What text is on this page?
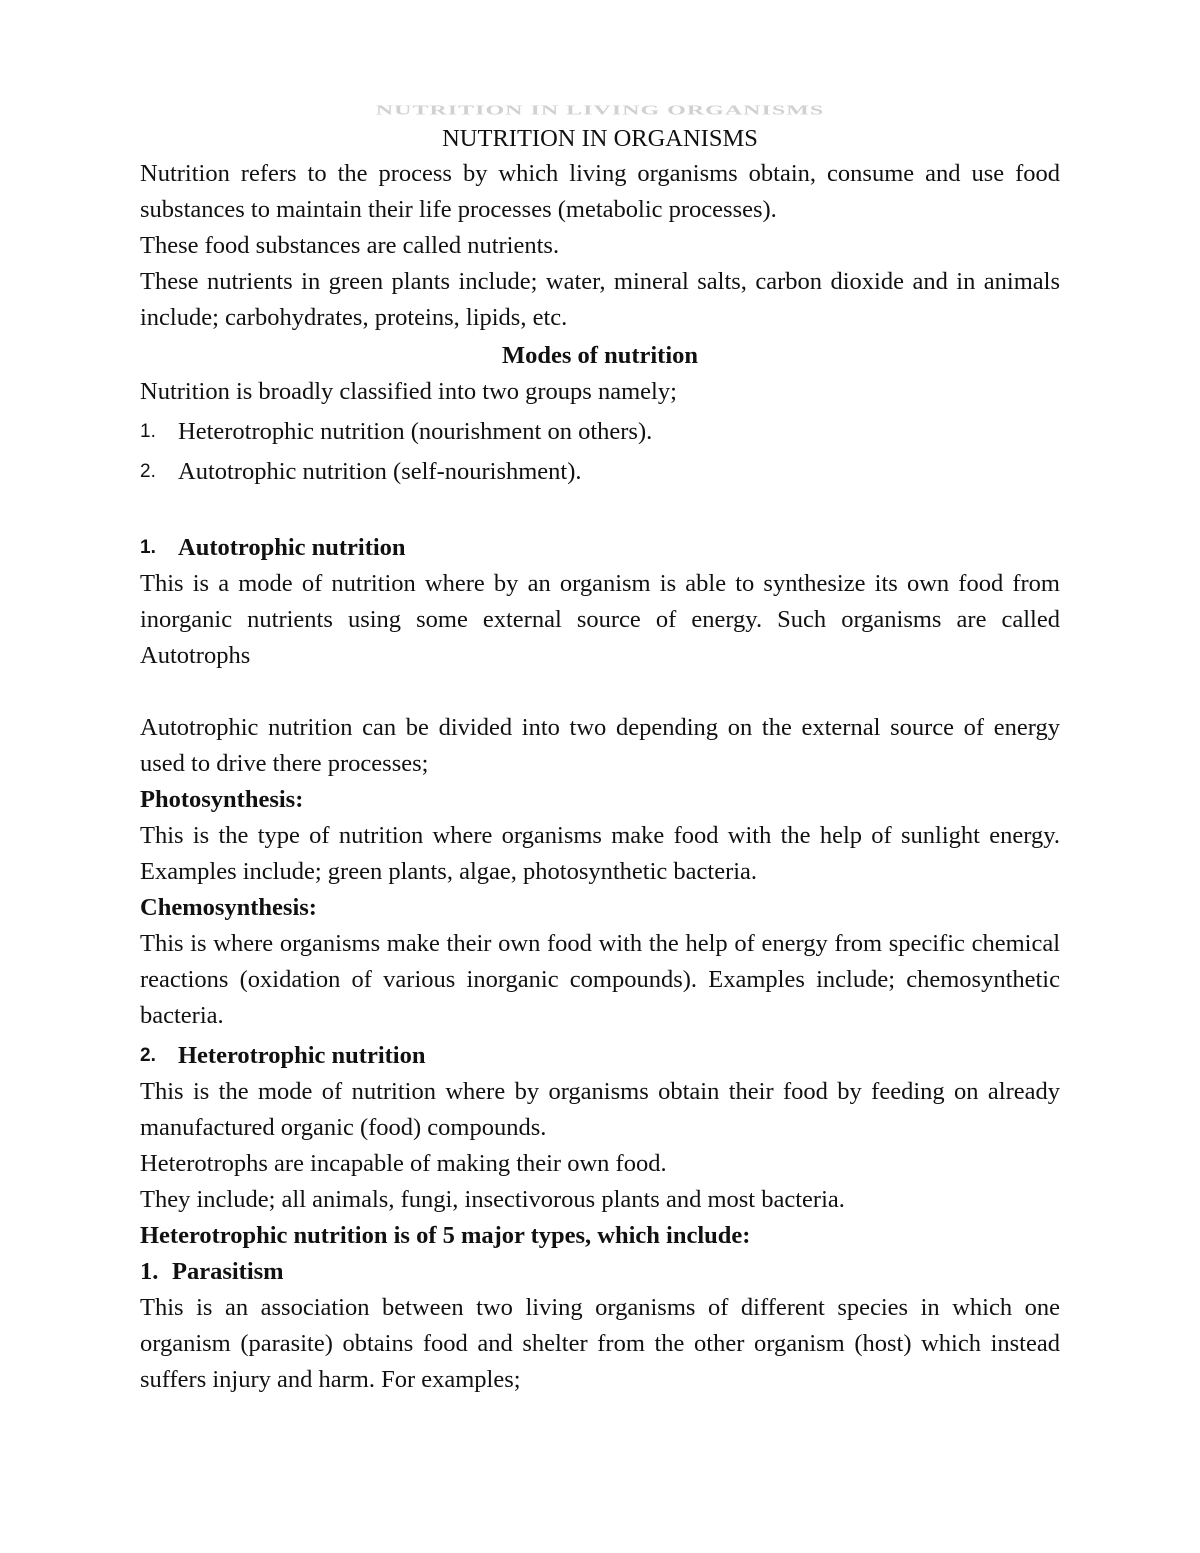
NUTRITION IN LIVING ORGANISMS
NUTRITION IN ORGANISMS

Nutrition refers to the process by which living organisms obtain, consume and use food substances to maintain their life processes (metabolic processes).

These food substances are called nutrients.

These nutrients in green plants include; water, mineral salts, carbon dioxide and in animals include; carbohydrates, proteins, lipids, etc.

Modes of nutrition

Nutrition is broadly classified into two groups namely;

1. Heterotrophic nutrition (nourishment on others).
2. Autotrophic nutrition (self-nourishment).
1. Autotrophic nutrition

This is a mode of nutrition where by an organism is able to synthesize its own food from inorganic nutrients using some external source of energy. Such organisms are called Autotrophs

Autotrophic nutrition can be divided into two depending on the external source of energy used to drive there processes;

Photosynthesis:

This is the type of nutrition where organisms make food with the help of sunlight energy. Examples include; green plants, algae, photosynthetic bacteria.

Chemosynthesis:

This is where organisms make their own food with the help of energy from specific chemical reactions (oxidation of various inorganic compounds). Examples include; chemosynthetic bacteria.

2. Heterotrophic nutrition

This is the mode of nutrition where by organisms obtain their food by feeding on already manufactured organic (food) compounds.

Heterotrophs are incapable of making their own food.

They include; all animals, fungi, insectivorous plants and most bacteria.

Heterotrophic nutrition is of 5 major types, which include:

1. Parasitism

This is an association between two living organisms of different species in which one organism (parasite) obtains food and shelter from the other organism (host) which instead suffers injury and harm. For examples;
